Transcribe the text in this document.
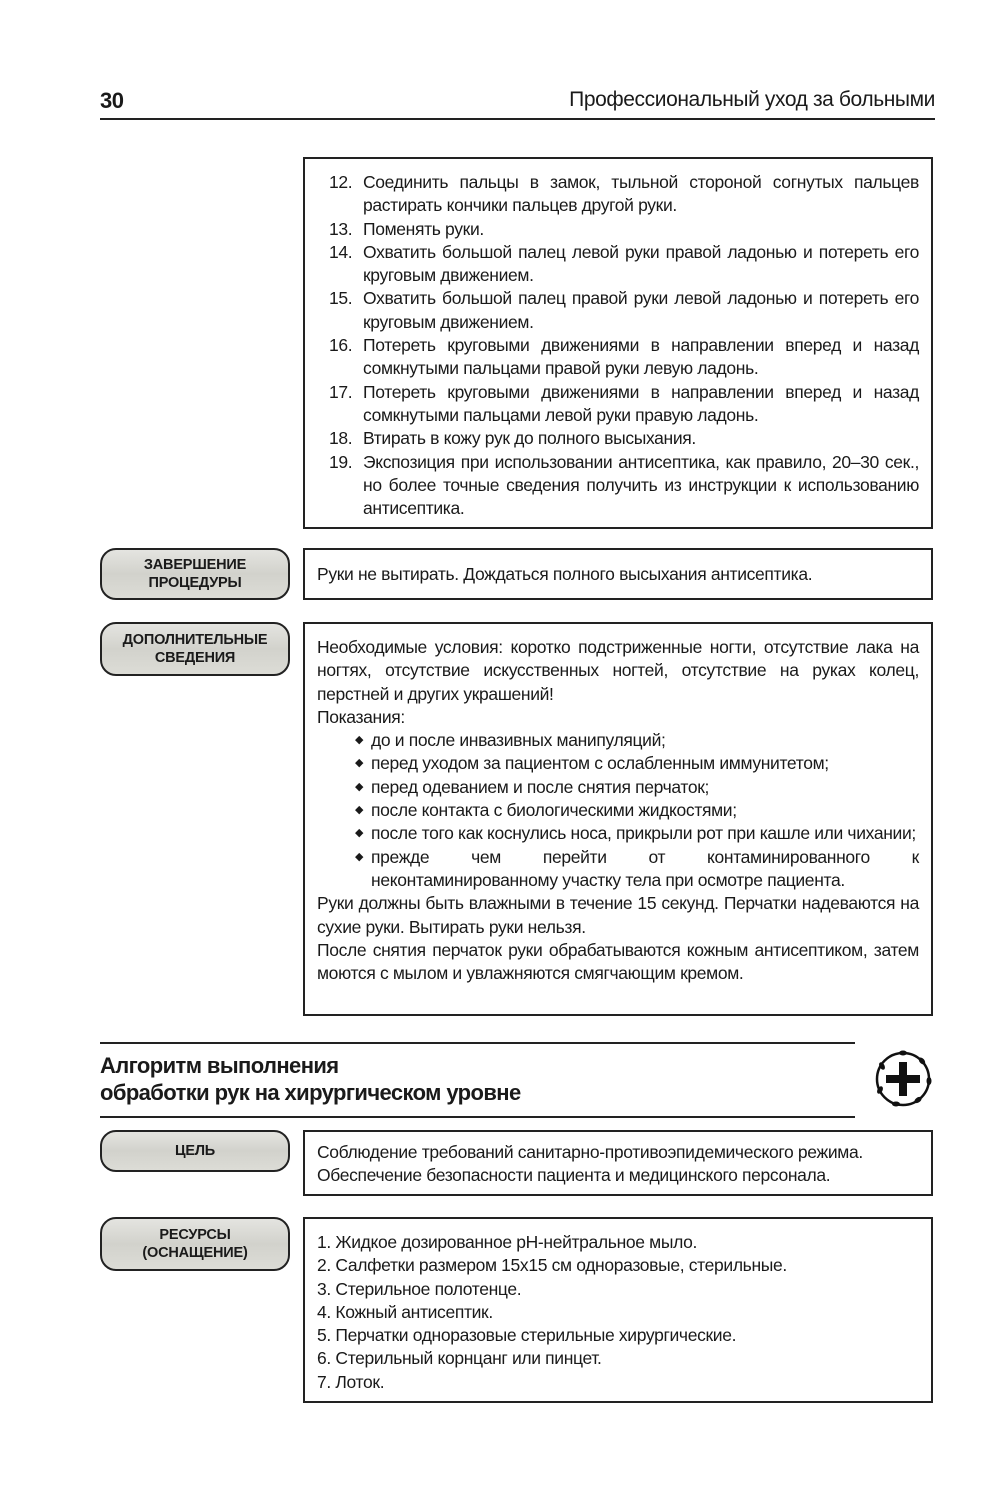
30	Профессиональный уход за больными
12. Соединить пальцы в замок, тыльной стороной согнутых пальцев растирать кончики пальцев другой руки.
13. Поменять руки.
14. Охватить большой палец левой руки правой ладонью и потереть его круговым движением.
15. Охватить большой палец правой руки левой ладонью и потереть его круговым движением.
16. Потереть круговыми движениями в направлении вперед и назад сомкнутыми пальцами правой руки левую ладонь.
17. Потереть круговыми движениями в направлении вперед и назад сомкнутыми пальцами левой руки правую ладонь.
18. Втирать в кожу рук до полного высыхания.
19. Экспозиция при использовании антисептика, как правило, 20–30 сек., но более точные сведения получить из инструкции к использованию антисептика.
ЗАВЕРШЕНИЕ
ПРОЦЕДУРЫ	Руки не вытирать. Дождаться полного высыхания антисептика.

ДОПОЛНИТЕЛЬНЫЕ
СВЕДЕНИЯ

Необходимые условия: коротко подстриженные ногти, отсутствие лака на ногтях, отсутствие искусственных ногтей, отсутствие на руках колец, перстней и других украшений!

Показания:

◆ до и после инвазивных манипуляций;
◆ перед уходом за пациентом с ослабленным иммунитетом;
◆ перед одеванием и после снятия перчаток;
◆ после контакта с биологическими жидкостями;
◆ после того как коснулись носа, прикрыли рот при кашле или чихании;
◆ прежде чем перейти от контаминированного к неконтаминированному участку тела при осмотре пациента.

Руки должны быть влажными в течение 15 секунд. Перчатки надеваются на сухие руки. Вытирать руки нельзя.

После снятия перчаток руки обрабатываются кожным антисептиком, затем моются с мылом и увлажняются смягчающим кремом.

Алгоритм выполнения
обработки рук на хирургическом уровне
ЦЕЛЬ	Соблюдение требований санитарно-противоэпидемического режима.

Обеспечение безопасности пациента и медицинского персонала.

РЕСУРСЫ
(ОСНАЩЕНИЕ)
1. Жидкое дозированное pH-нейтральное мыло.
2. Салфетки размером 15х15 см одноразовые, стерильные.
3. Стерильное полотенце.
4. Кожный антисептик.
5. Перчатки одноразовые стерильные хирургические.
6. Стерильный корнцанг или пинцет.
7. Лоток.
